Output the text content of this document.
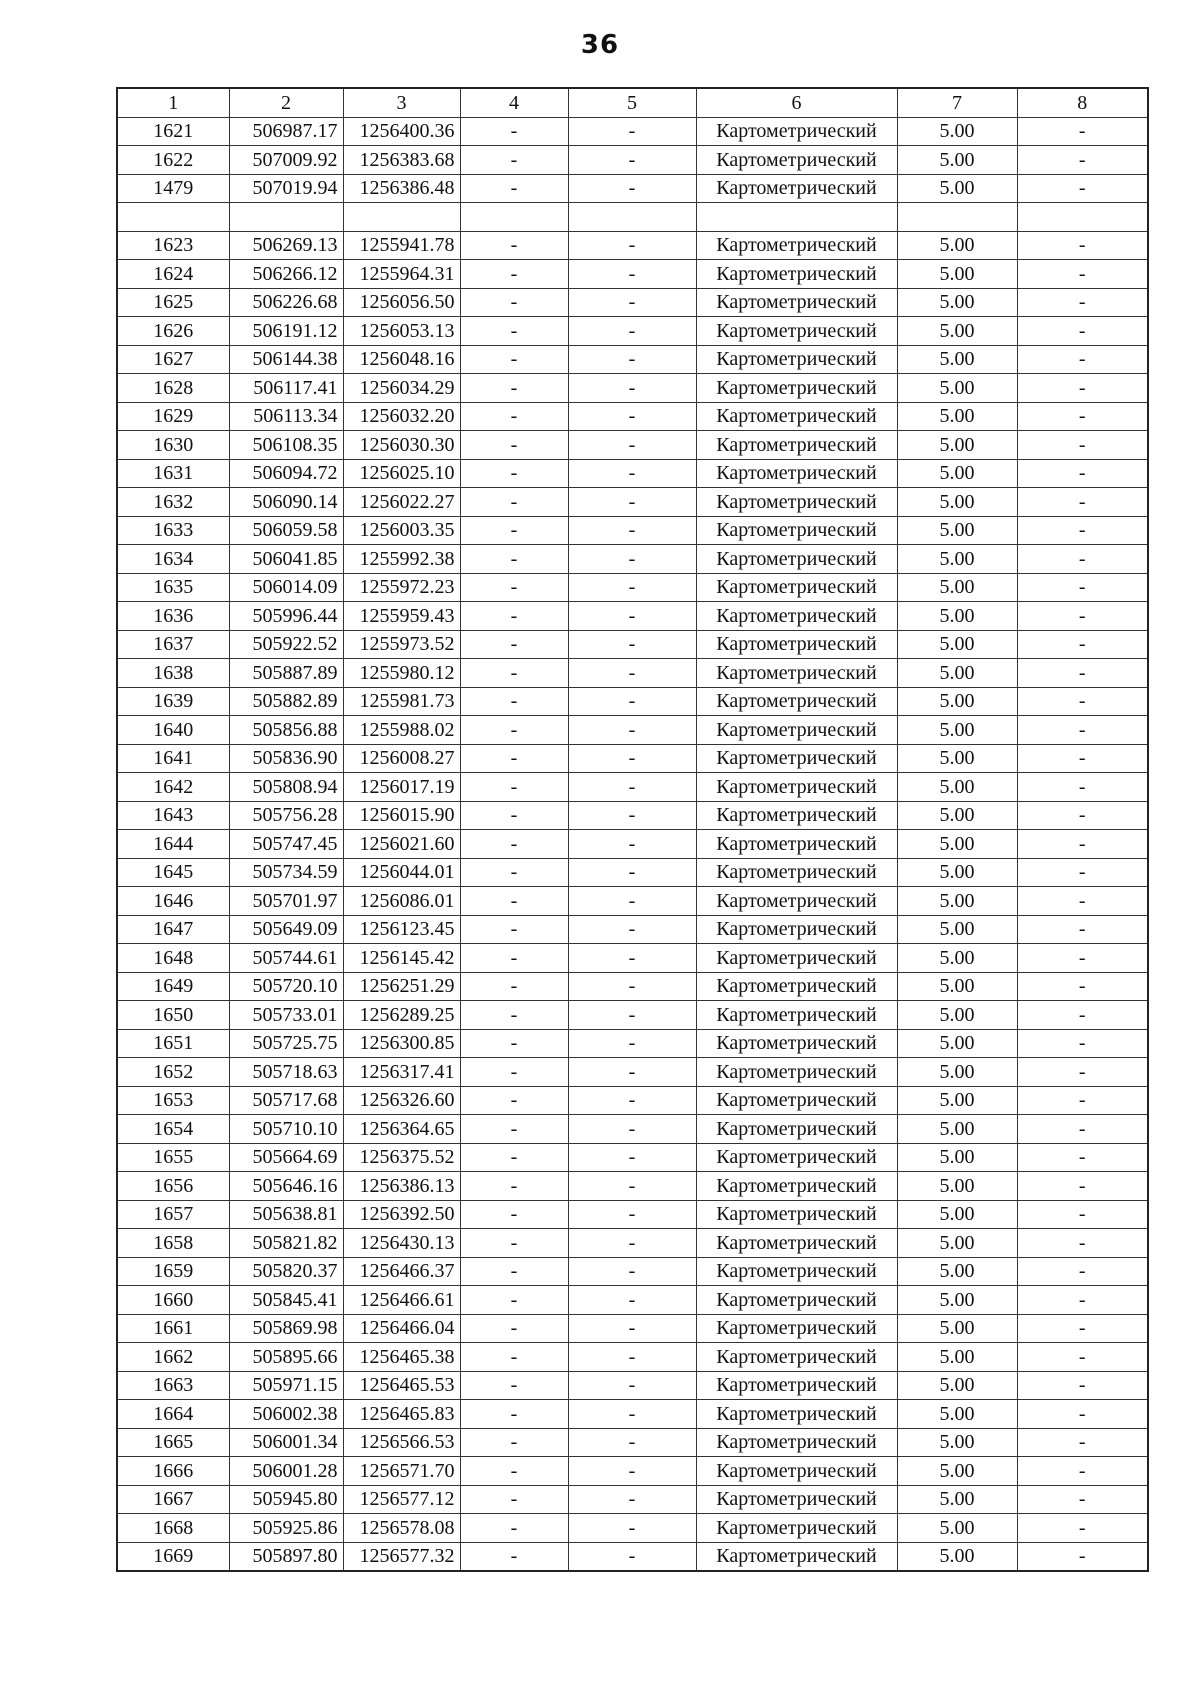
36
1	2	3	4	5	6	7	8
1621	506987.17	1256400.36	-	-	Картометрический	5.00	-
1622	507009.92	1256383.68	-	-	Картометрический	5.00	-
1479	507019.94	1256386.48	-	-	Картометрический	5.00	-

1623	506269.13	1255941.78	-	-	Картометрический	5.00	-
1624	506266.12	1255964.31	-	-	Картометрический	5.00	-
1625	506226.68	1256056.50	-	-	Картометрический	5.00	-
1626	506191.12	1256053.13	-	-	Картометрический	5.00	-
1627	506144.38	1256048.16	-	-	Картометрический	5.00	-
1628	506117.41	1256034.29	-	-	Картометрический	5.00	-
1629	506113.34	1256032.20	-	-	Картометрический	5.00	-
1630	506108.35	1256030.30	-	-	Картометрический	5.00	-
1631	506094.72	1256025.10	-	-	Картометрический	5.00	-
1632	506090.14	1256022.27	-	-	Картометрический	5.00	-
1633	506059.58	1256003.35	-	-	Картометрический	5.00	-
1634	506041.85	1255992.38	-	-	Картометрический	5.00	-
1635	506014.09	1255972.23	-	-	Картометрический	5.00	-
1636	505996.44	1255959.43	-	-	Картометрический	5.00	-
1637	505922.52	1255973.52	-	-	Картометрический	5.00	-
1638	505887.89	1255980.12	-	-	Картометрический	5.00	-
1639	505882.89	1255981.73	-	-	Картометрический	5.00	-
1640	505856.88	1255988.02	-	-	Картометрический	5.00	-
1641	505836.90	1256008.27	-	-	Картометрический	5.00	-
1642	505808.94	1256017.19	-	-	Картометрический	5.00	-
1643	505756.28	1256015.90	-	-	Картометрический	5.00	-
1644	505747.45	1256021.60	-	-	Картометрический	5.00	-
1645	505734.59	1256044.01	-	-	Картометрический	5.00	-
1646	505701.97	1256086.01	-	-	Картометрический	5.00	-
1647	505649.09	1256123.45	-	-	Картометрический	5.00	-
1648	505744.61	1256145.42	-	-	Картометрический	5.00	-
1649	505720.10	1256251.29	-	-	Картометрический	5.00	-
1650	505733.01	1256289.25	-	-	Картометрический	5.00	-
1651	505725.75	1256300.85	-	-	Картометрический	5.00	-
1652	505718.63	1256317.41	-	-	Картометрический	5.00	-
1653	505717.68	1256326.60	-	-	Картометрический	5.00	-
1654	505710.10	1256364.65	-	-	Картометрический	5.00	-
1655	505664.69	1256375.52	-	-	Картометрический	5.00	-
1656	505646.16	1256386.13	-	-	Картометрический	5.00	-
1657	505638.81	1256392.50	-	-	Картометрический	5.00	-
1658	505821.82	1256430.13	-	-	Картометрический	5.00	-
1659	505820.37	1256466.37	-	-	Картометрический	5.00	-
1660	505845.41	1256466.61	-	-	Картометрический	5.00	-
1661	505869.98	1256466.04	-	-	Картометрический	5.00	-
1662	505895.66	1256465.38	-	-	Картометрический	5.00	-
1663	505971.15	1256465.53	-	-	Картометрический	5.00	-
1664	506002.38	1256465.83	-	-	Картометрический	5.00	-
1665	506001.34	1256566.53	-	-	Картометрический	5.00	-
1666	506001.28	1256571.70	-	-	Картометрический	5.00	-
1667	505945.80	1256577.12	-	-	Картометрический	5.00	-
1668	505925.86	1256578.08	-	-	Картометрический	5.00	-
1669	505897.80	1256577.32	-	-	Картометрический	5.00	-
